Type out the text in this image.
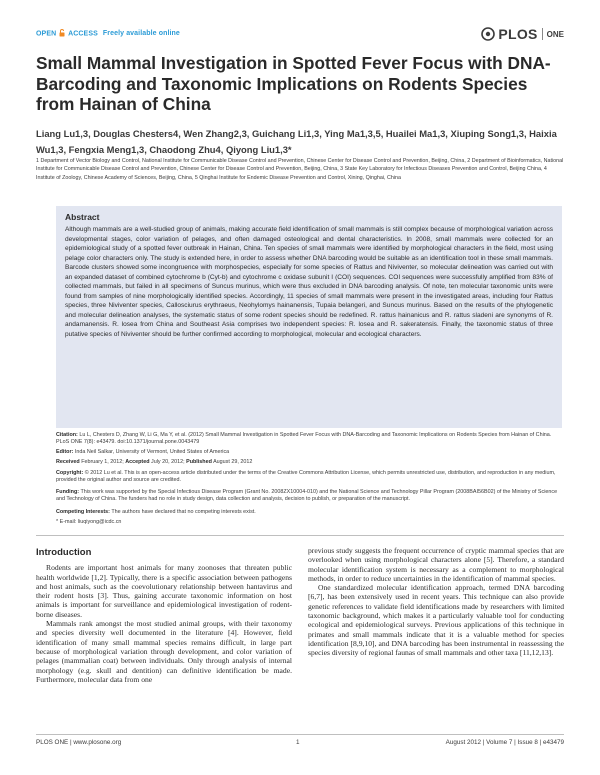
OPEN ACCESS Freely available online	PLOS ONE
Small Mammal Investigation in Spotted Fever Focus with DNA-Barcoding and Taxonomic Implications on Rodents Species from Hainan of China
Liang Lu1,3, Douglas Chesters4, Wen Zhang2,3, Guichang Li1,3, Ying Ma1,3,5, Huailei Ma1,3, Xiuping Song1,3, Haixia Wu1,3, Fengxia Meng1,3, Chaodong Zhu4, Qiyong Liu1,3*
1 Department of Vector Biology and Control, National Institute for Communicable Disease Control and Prevention, Chinese Center for Disease Control and Prevention, Beijing, China, 2 Department of Bioinformatics, National Institute for Communicable Disease Control and Prevention, Chinese Center for Disease Control and Prevention, Beijing, China, 3 State Key Laboratory for Infectious Diseases Prevention and Control, Beijing China, 4 Institute of Zoology, Chinese Academy of Sciences, Beijing, China, 5 Qinghai Institute for Endemic Disease Prevention and Control, Xining, Qinghai, China
Abstract

Although mammals are a well-studied group of animals, making accurate field identification of small mammals is still complex because of morphological variation across developmental stages, color variation of pelages, and often damaged osteological and dental characteristics. In 2008, small mammals were collected for an epidemiological study of a spotted fever outbreak in Hainan, China. Ten species of small mammals were identified by morphological characters in the field, most using pelage color characters only. The study is extended here, in order to assess whether DNA barcoding would be suitable as an identification tool in these small mammals. Barcode clusters showed some incongruence with morphospecies, especially for some species of Rattus and Niviventer, so molecular delineation was carried out with an expanded dataset of combined cytochrome b (Cyt-b) and cytochrome c oxidase subunit I (COI) sequences. COI sequences were successfully amplified from 83% of collected mammals, but failed in all specimens of Suncus murinus, which were thus excluded in DNA barcoding analysis. Of note, ten molecular taxonomic units were found from samples of nine morphologically identified species. Accordingly, 11 species of small mammals were present in the investigated areas, including four Rattus species, three Niviventer species, Callosciurus erythraeus, Neohylomys hainanensis, Tupaia belangeri, and Suncus murinus. Based on the results of the phylogenetic and molecular delineation analyses, the systematic status of some rodent species should be redefined. R. rattus hainanicus and R. rattus sladeni are synonyms of R. andamanensis. R. losea from China and Southeast Asia comprises two independent species: R. losea and R. sakeratensis. Finally, the taxonomic status of three putative species of Niviventer should be further confirmed according to morphological, molecular and ecological characters.

Citation: Lu L, Chesters D, Zhang W, Li G, Ma Y, et al. (2012) Small Mammal Investigation in Spotted Fever Focus with DNA-Barcoding and Taxonomic Implications on Rodents Species from Hainan of China. PLoS ONE 7(8): e43479. doi:10.1371/journal.pone.0043479
Editor: Inda Neil Salkar, University of Vermont, United States of America
Received February 1, 2012; Accepted July 20, 2012; Published August 29, 2012
Copyright: © 2012 Lu et al. This is an open-access article distributed under the terms of the Creative Commons Attribution License, which permits unrestricted use, distribution, and reproduction in any medium, provided the original author and source are credited.
Funding: This work was supported by the Special Infectious Disease Program (Grant No. 2008ZX10004-010) and the National Science and Technology Pillar Program (2008BAI56B02) of the Ministry of Science and Technology of China. The funders had no role in study design, data collection and analysis, decision to publish, or preparation of the manuscript.
Competing Interests: The authors have declared that no competing interests exist.
* E-mail: liuqiyong@icdc.cn
Introduction

Rodents are important host animals for many zoonoses that threaten public health worldwide [1,2]. Typically, there is a specific association between pathogens and host animals, such as the coevolutionary relationship between hantavirus and their rodent hosts [3]. Thus, gaining accurate taxonomic information on host animals is important for surveillance and epidemiological investigation of rodent-borne diseases.

Mammals rank amongst the most studied animal groups, with their taxonomy and species diversity well documented in the literature [4]. However, field identification of many small mammal species remains difficult, in large part because of morphological variation through development, and color variation of pelages (mammalian coat) between individuals. Only through analysis of internal morphology (e.g. skull and dentition) can definitive identification be made. Furthermore, molecular data from one

previous study suggests the frequent occurrence of cryptic mammal species that are overlooked when using morphological characters alone [5]. Therefore, a standard molecular identification system is necessary as a complement to morphological methods, in order to reduce uncertainties in the identification of mammal species.

One standardized molecular identification approach, termed DNA barcoding [6,7], has been extensively used in recent years. This technique can also provide genetic references to validate field identifications made by researchers with limited taxonomic background, which makes it a particularly valuable tool for conducting ecological and epidemiological surveys. Previous applications of this technique in primates and small mammals indicate that it is a valuable method for species identification [8,9,10], and DNA barcoding has been instrumental in reassessing the species diversity of regional faunas of small mammals and other taxa [11,12,13].

PLOS ONE | www.plosone.org	1	August 2012 | Volume 7 | Issue 8 | e43479
